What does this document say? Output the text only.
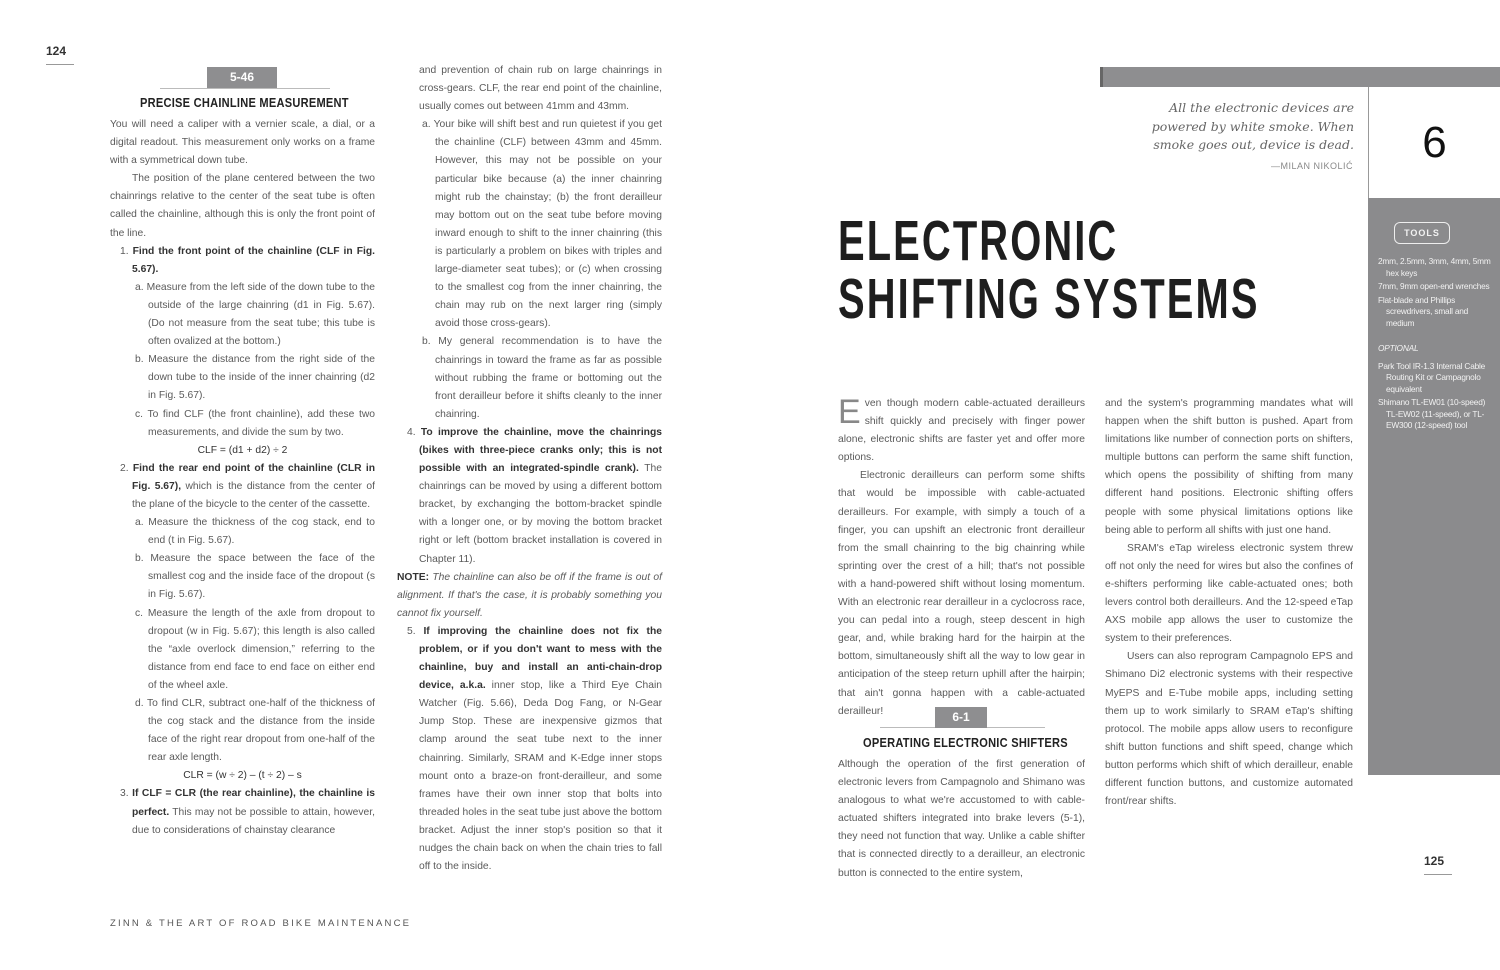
124
5-46
PRECISE CHAINLINE MEASUREMENT

You will need a caliper with a vernier scale, a dial, or a digital readout. This measurement only works on a frame with a symmetrical down tube.

The position of the plane centered between the two chainrings relative to the center of the seat tube is often called the chainline, although this is only the front point of the line.

1. Find the front point of the chainline (CLF in Fig. 5.67).

a. Measure from the left side of the down tube to the outside of the large chainring (d1 in Fig. 5.67). (Do not measure from the seat tube; this tube is often ovalized at the bottom.)

b. Measure the distance from the right side of the down tube to the inside of the inner chainring (d2 in Fig. 5.67).

c. To find CLF (the front chainline), add these two measurements, and divide the sum by two.

CLF = (d1 + d2) ÷ 2

2. Find the rear end point of the chainline (CLR in Fig. 5.67), which is the distance from the center of the plane of the bicycle to the center of the cassette.

a. Measure the thickness of the cog stack, end to end (t in Fig. 5.67).

b. Measure the space between the face of the smallest cog and the inside face of the dropout (s in Fig. 5.67).

c. Measure the length of the axle from dropout to dropout (w in Fig. 5.67); this length is also called the “axle overlock dimension,” referring to the distance from end face to end face on either end of the wheel axle.

d. To find CLR, subtract one-half of the thickness of the cog stack and the distance from the inside face of the right rear dropout from one-half of the rear axle length.

CLR = (w ÷ 2) – (t ÷ 2) – s

3. If CLF = CLR (the rear chainline), the chainline is perfect. This may not be possible to attain, however, due to considerations of chainstay clearance

and prevention of chain rub on large chainrings in cross-gears. CLF, the rear end point of the chainline, usually comes out between 41mm and 43mm.

a. Your bike will shift best and run quietest if you get the chainline (CLF) between 43mm and 45mm. However, this may not be possible on your particular bike because (a) the inner chainring might rub the chainstay; (b) the front derailleur may bottom out on the seat tube before moving inward enough to shift to the inner chainring (this is particularly a problem on bikes with triples and large-diameter seat tubes); or (c) when crossing to the smallest cog from the inner chainring, the chain may rub on the next larger ring (simply avoid those cross-gears).

b. My general recommendation is to have the chainrings in toward the frame as far as possible without rubbing the frame or bottoming out the front derailleur before it shifts cleanly to the inner chainring.

4. To improve the chainline, move the chainrings (bikes with three-piece cranks only; this is not possible with an integrated-spindle crank). The chainrings can be moved by using a different bottom bracket, by exchanging the bottom-bracket spindle with a longer one, or by moving the bottom bracket right or left (bottom bracket installation is covered in Chapter 11).

NOTE: The chainline can also be off if the frame is out of alignment. If that's the case, it is probably something you cannot fix yourself.

5. If improving the chainline does not fix the problem, or if you don't want to mess with the chainline, buy and install an anti-chain-drop device, a.k.a. inner stop, like a Third Eye Chain Watcher (Fig. 5.66), Deda Dog Fang, or N-Gear Jump Stop. These are inexpensive gizmos that clamp around the seat tube next to the inner chainring. Similarly, SRAM and K-Edge inner stops mount onto a braze-on front-derailleur, and some frames have their own inner stop that bolts into threaded holes in the seat tube just above the bottom bracket. Adjust the inner stop's position so that it nudges the chain back on when the chain tries to fall off to the inside.

ZINN & THE ART OF ROAD BIKE MAINTENANCE
6
All the electronic devices are powered by white smoke. When smoke goes out, device is dead.
—MILAN NIKOLIĆ
ELECTRONIC
SHIFTING SYSTEMS

Even though modern cable-actuated derailleurs shift quickly and precisely with finger power alone, electronic shifts are faster yet and offer more options.

Electronic derailleurs can perform some shifts that would be impossible with cable-actuated derailleurs. For example, with simply a touch of a finger, you can upshift an electronic front derailleur from the small chainring to the big chainring while sprinting over the crest of a hill; that's not possible with a hand-powered shift without losing momentum. With an electronic rear derailleur in a cyclocross race, you can pedal into a rough, steep descent in high gear, and, while braking hard for the hairpin at the bottom, simultaneously shift all the way to low gear in anticipation of the steep return uphill after the hairpin; that ain't gonna happen with a cable-actuated derailleur!	6-1
OPERATING ELECTRONIC SHIFTERS

Although the operation of the first generation of electronic levers from Campagnolo and Shimano was analogous to what we're accustomed to with cable-actuated shifters integrated into brake levers (5-1), they need not function that way. Unlike a cable shifter that is connected directly to a derailleur, an electronic button is connected to the entire system,

and the system's programming mandates what will happen when the shift button is pushed. Apart from limitations like number of connection ports on shifters, multiple buttons can perform the same shift function, which opens the possibility of shifting from many different hand positions. Electronic shifting offers people with some physical limitations options like being able to perform all shifts with just one hand.

SRAM's eTap wireless electronic system threw off not only the need for wires but also the confines of e-shifters performing like cable-actuated ones; both levers control both derailleurs. And the 12-speed eTap AXS mobile app allows the user to customize the system to their preferences.

Users can also reprogram Campagnolo EPS and Shimano Di2 electronic systems with their respective MyEPS and E-Tube mobile apps, including setting them up to work similarly to SRAM eTap's shifting protocol. The mobile apps allow users to reconfigure shift button functions and shift speed, change which button performs which shift of which derailleur, enable different function buttons, and customize automated front/rear shifts.

TOOLS

2mm, 2.5mm, 3mm, 4mm, 5mm hex keys

7mm, 9mm open-end wrenches

Flat-blade and Phillips screwdrivers, small and medium

OPTIONAL

Park Tool IR-1.3 Internal Cable Routing Kit or Campagnolo equivalent

Shimano TL-EW01 (10-speed) TL-EW02 (11-speed), or TL-EW300 (12-speed) tool

125
